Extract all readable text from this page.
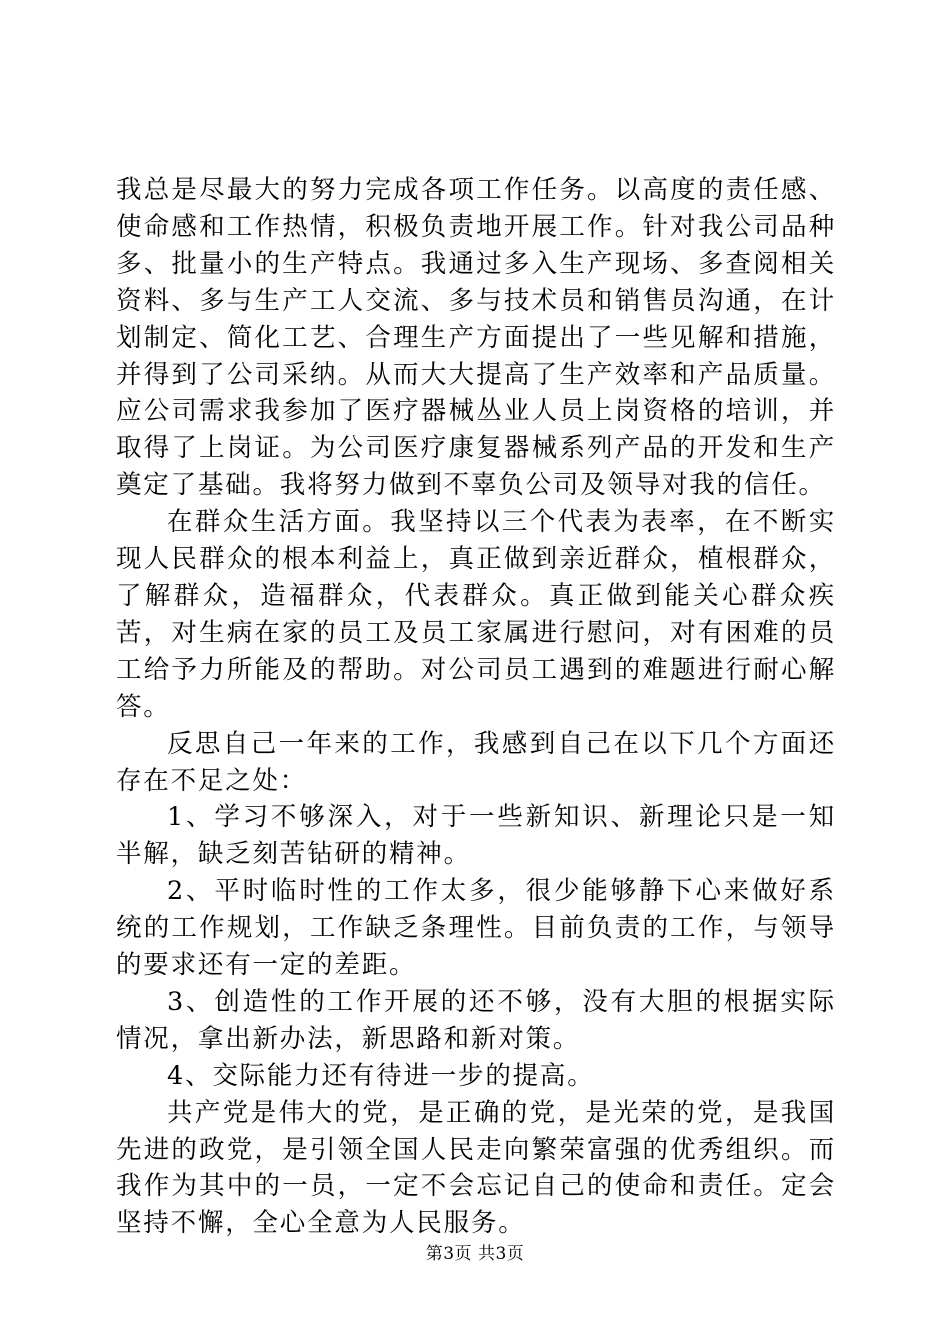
我总是尽最大的努力完成各项工作任务。以高度的责任感、使命感和工作热情，积极负责地开展工作。针对我公司品种多、批量小的生产特点。我通过多入生产现场、多查阅相关资料、多与生产工人交流、多与技术员和销售员沟通，在计划制定、简化工艺、合理生产方面提出了一些见解和措施，并得到了公司采纳。从而大大提高了生产效率和产品质量。应公司需求我参加了医疗器械丛业人员上岗资格的培训，并取得了上岗证。为公司医疗康复器械系列产品的开发和生产奠定了基础。我将努力做到不辜负公司及领导对我的信任。

在群众生活方面。我坚持以三个代表为表率，在不断实现人民群众的根本利益上，真正做到亲近群众，植根群众，了解群众，造福群众，代表群众。真正做到能关心群众疾苦，对生病在家的员工及员工家属进行慰问，对有困难的员工给予力所能及的帮助。对公司员工遇到的难题进行耐心解答。

反思自己一年来的工作，我感到自己在以下几个方面还存在不足之处：

1、学习不够深入，对于一些新知识、新理论只是一知半解，缺乏刻苦钻研的精神。

2、平时临时性的工作太多，很少能够静下心来做好系统的工作规划，工作缺乏条理性。目前负责的工作，与领导的要求还有一定的差距。

3、创造性的工作开展的还不够，没有大胆的根据实际情况，拿出新办法，新思路和新对策。

4、交际能力还有待进一步的提高。

共产党是伟大的党，是正确的党，是光荣的党，是我国先进的政党，是引领全国人民走向繁荣富强的优秀组织。而我作为其中的一员，一定不会忘记自己的使命和责任。定会坚持不懈，全心全意为人民服务。

第3页 共3页
